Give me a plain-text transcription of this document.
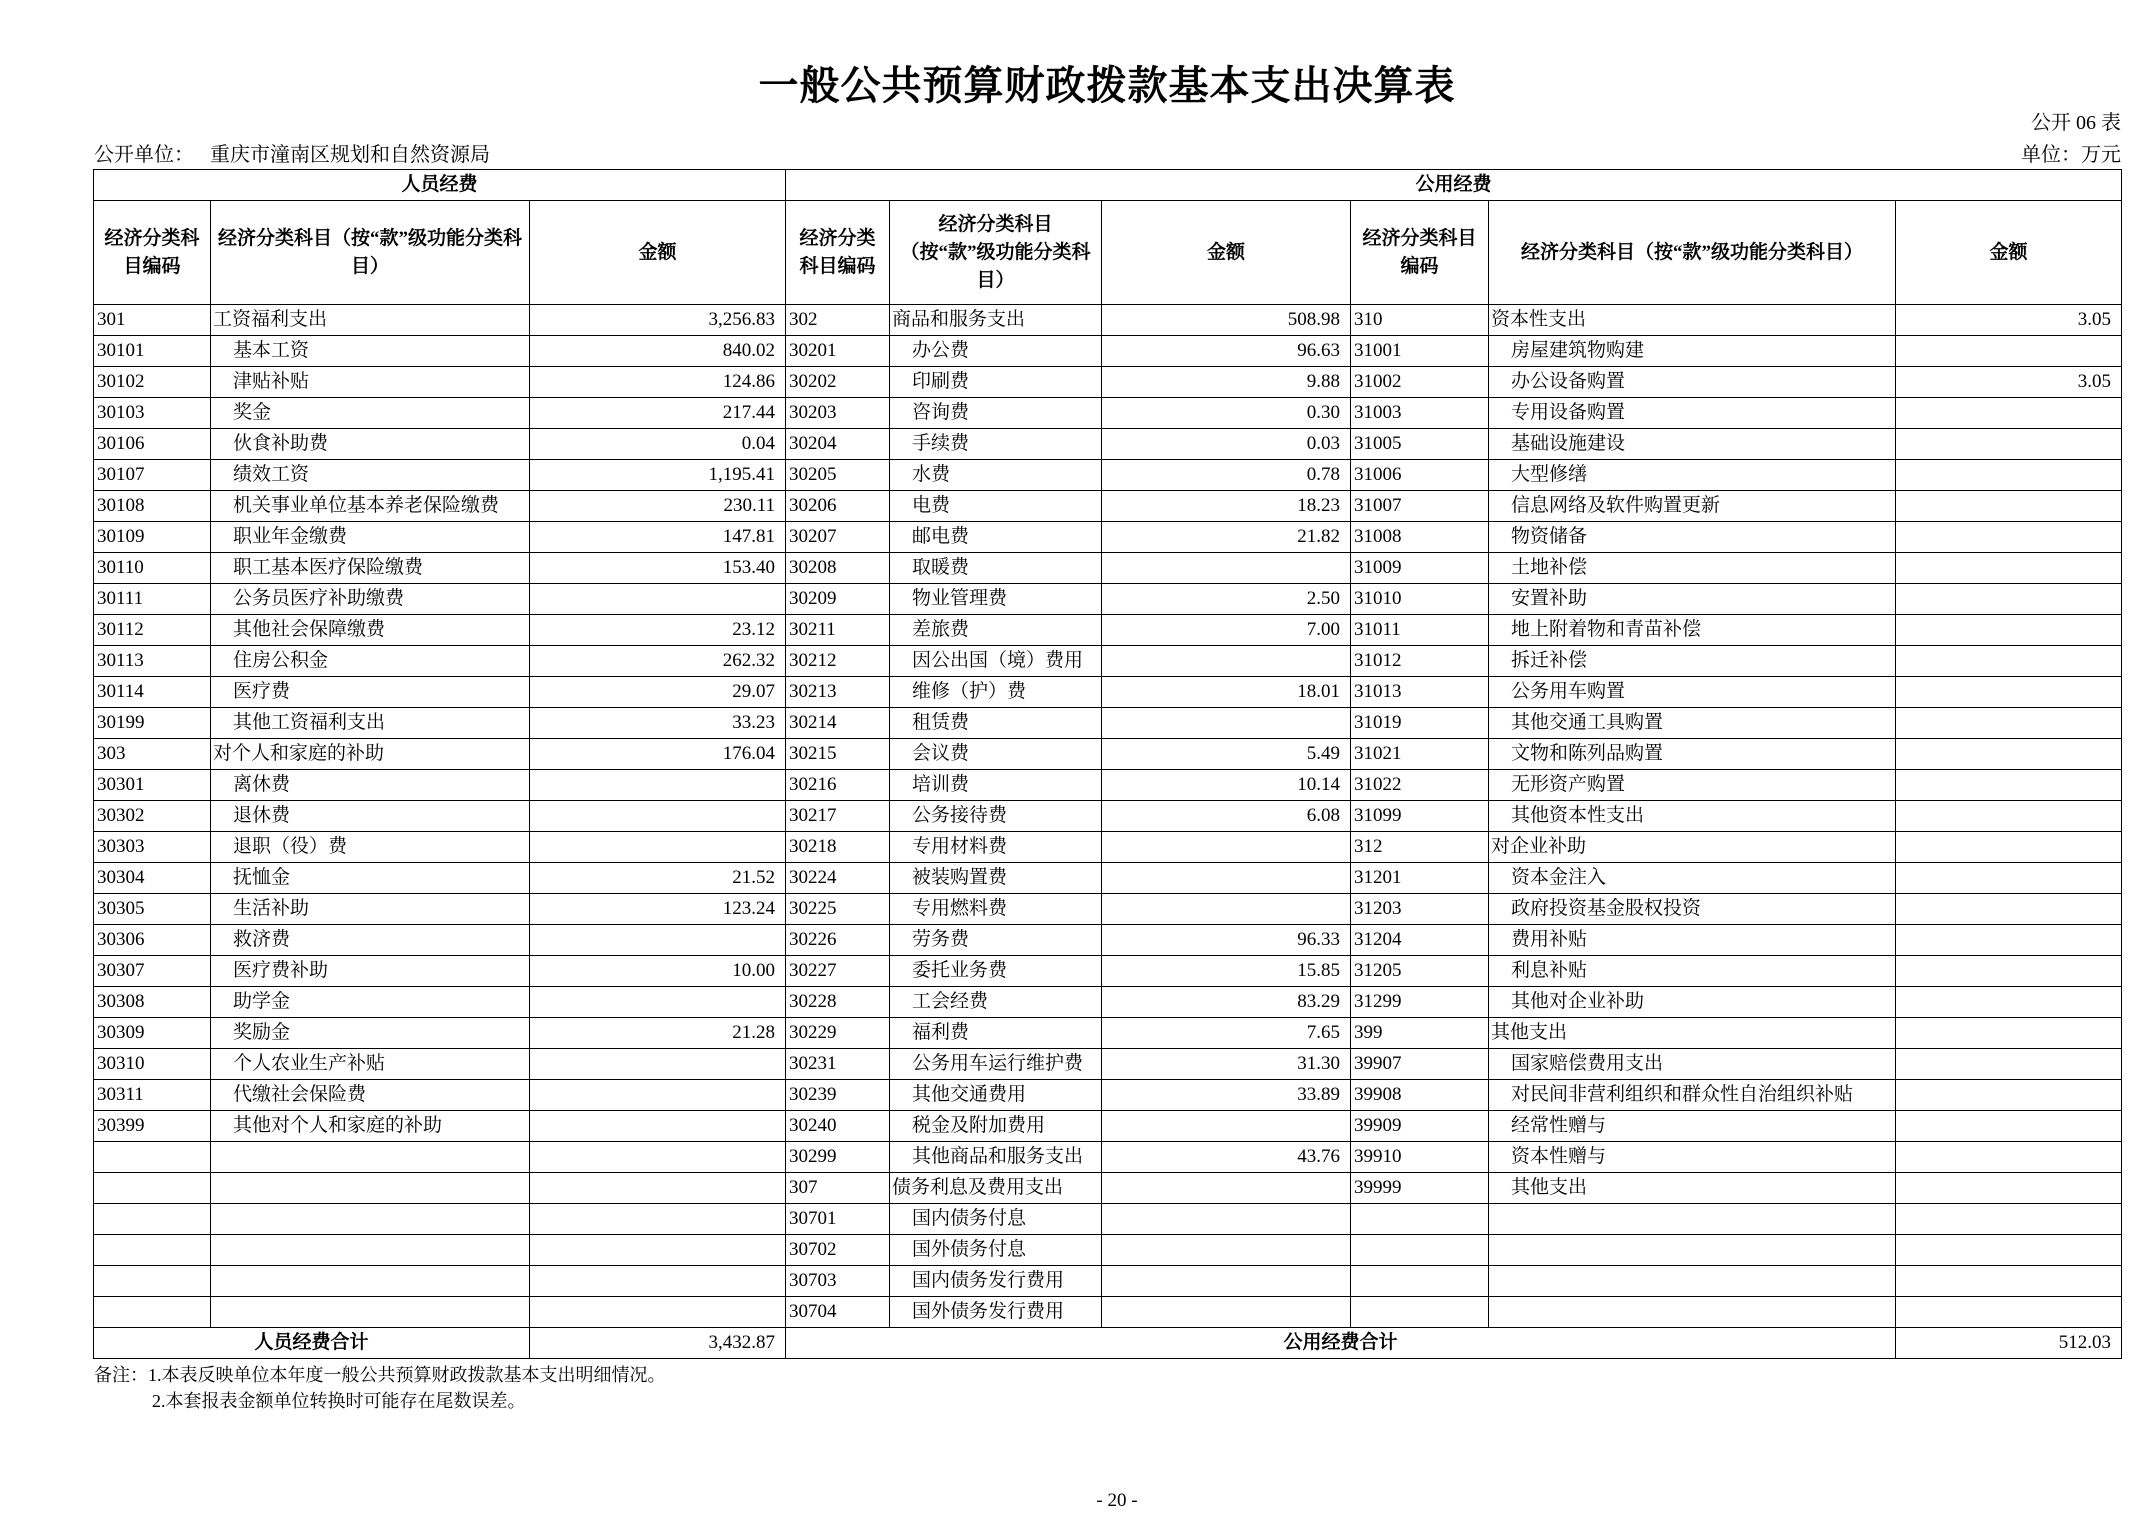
一般公共预算财政拨款基本支出决算表
公开 06 表
公开单位： 重庆市潼南区规划和自然资源局	单位：万元
人员经费			公用经费					
经济分类科目编码	经济分类科目（按“款”级功能分类科目）	金额	经济分类科目编码	经济分类科目（按“款”级功能分类科目）	金额	经济分类科目编码	经济分类科目（按“款”级功能分类科目）	金额
301	工资福利支出	3,256.83	302	商品和服务支出	508.98	310	资本性支出	3.05
30101	基本工资	840.02	30201	办公费	96.63	31001	房屋建筑物购建	
30102	津贴补贴	124.86	30202	印刷费	9.88	31002	办公设备购置	3.05
30103	奖金	217.44	30203	咨询费	0.30	31003	专用设备购置	
30106	伙食补助费	0.04	30204	手续费	0.03	31005	基础设施建设	
30107	绩效工资	1,195.41	30205	水费	0.78	31006	大型修缮	
30108	机关事业单位基本养老保险缴费	230.11	30206	电费	18.23	31007	信息网络及软件购置更新	
30109	职业年金缴费	147.81	30207	邮电费	21.82	31008	物资储备	
30110	职工基本医疗保险缴费	153.40	30208	取暖费		31009	土地补偿	
30111	公务员医疗补助缴费		30209	物业管理费	2.50	31010	安置补助	
30112	其他社会保障缴费	23.12	30211	差旅费	7.00	31011	地上附着物和青苗补偿	
30113	住房公积金	262.32	30212	因公出国（境）费用		31012	拆迁补偿	
30114	医疗费	29.07	30213	维修（护）费	18.01	31013	公务用车购置	
30199	其他工资福利支出	33.23	30214	租赁费		31019	其他交通工具购置	
303	对个人和家庭的补助	176.04	30215	会议费	5.49	31021	文物和陈列品购置	
30301	离休费		30216	培训费	10.14	31022	无形资产购置	
30302	退休费		30217	公务接待费	6.08	31099	其他资本性支出	
30303	退职（役）费		30218	专用材料费		312	对企业补助	
30304	抚恤金	21.52	30224	被装购置费		31201	资本金注入	
30305	生活补助	123.24	30225	专用燃料费		31203	政府投资基金股权投资	
30306	救济费		30226	劳务费	96.33	31204	费用补贴	
30307	医疗费补助	10.00	30227	委托业务费	15.85	31205	利息补贴	
30308	助学金		30228	工会经费	83.29	31299	其他对企业补助	
30309	奖励金	21.28	30229	福利费	7.65	399	其他支出	
30310	个人农业生产补贴		30231	公务用车运行维护费	31.30	39907	国家赔偿费用支出	
30311	代缴社会保险费		30239	其他交通费用	33.89	39908	对民间非营利组织和群众性自治组织补贴	
30399	其他对个人和家庭的补助		30240	税金及附加费用		39909	经常性赠与	
			30299	其他商品和服务支出	43.76	39910	资本性赠与	
			307	债务利息及费用支出		39999	其他支出	
			30701	国内债务付息				
			30702	国外债务付息				
			30703	国内债务发行费用				
			30704	国外债务发行费用				
人员经费合计		3,432.87	公用经费合计					512.03
备注：1.本表反映单位本年度一般公共预算财政拨款基本支出明细情况。
2.本套报表金额单位转换时可能存在尾数误差。
- 20 -
